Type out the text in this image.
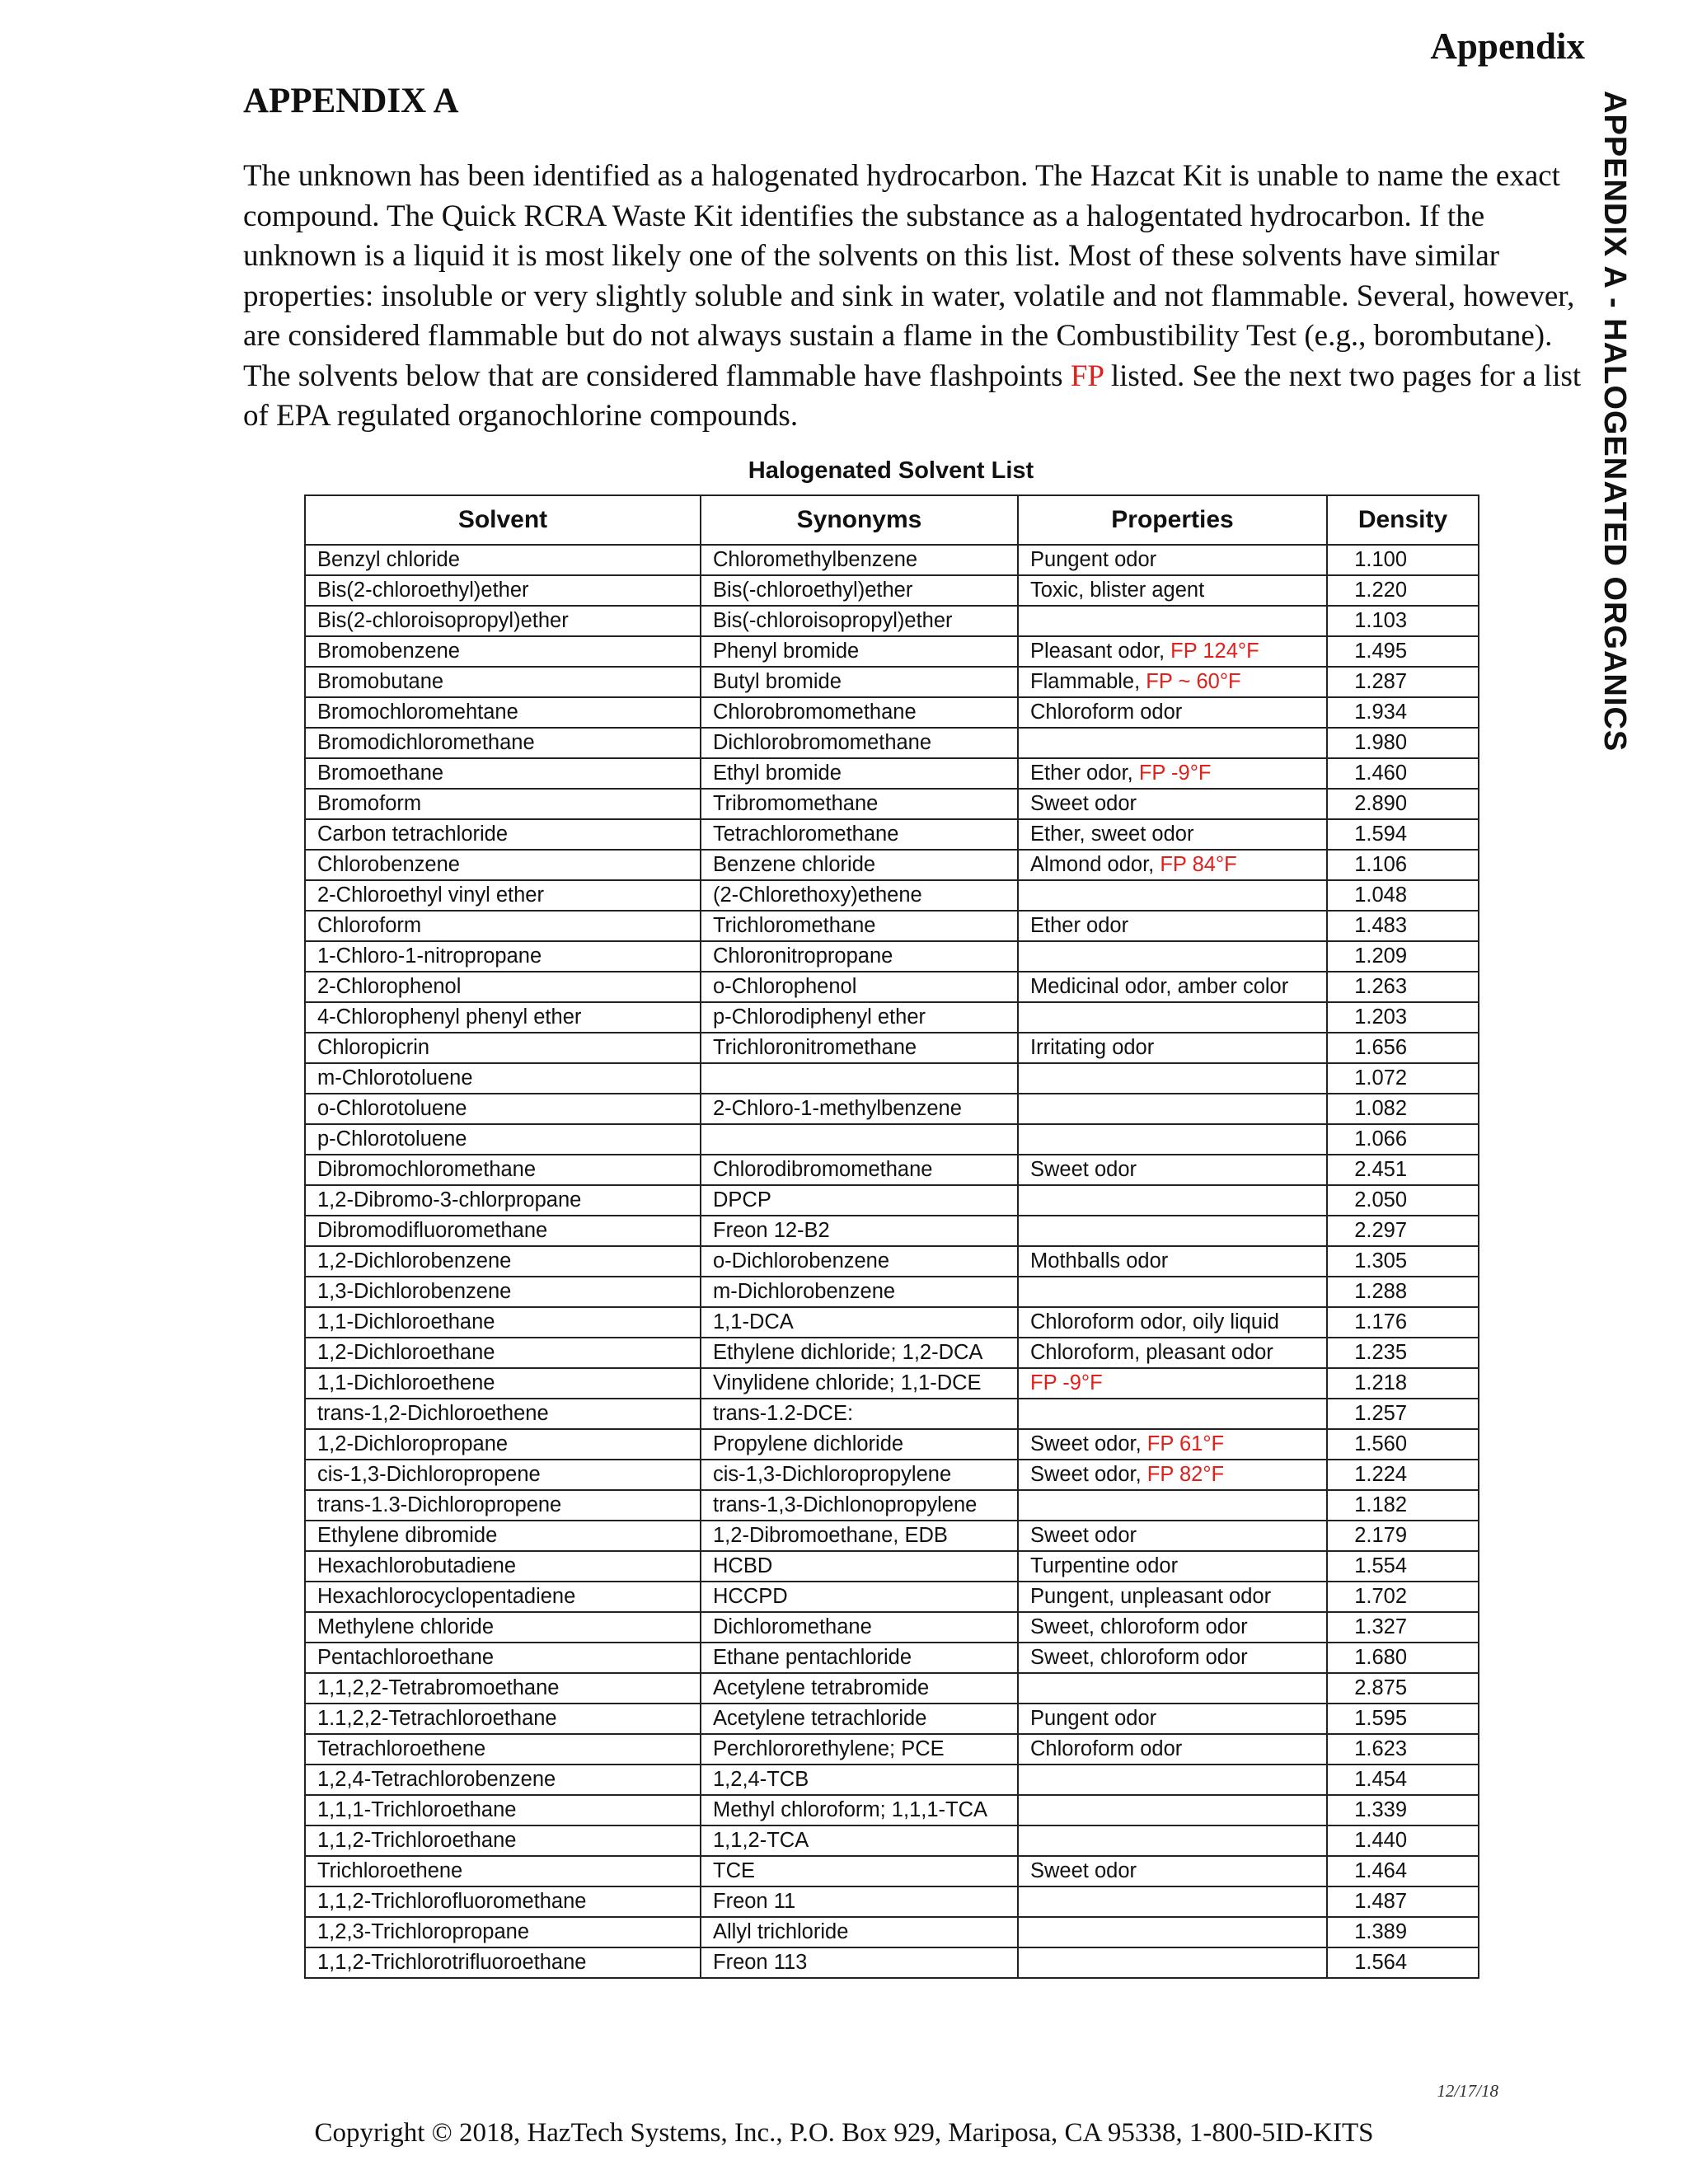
Appendix
APPENDIX A - HALOGENATED ORGANICS
APPENDIX A

The unknown has been identified as a halogenated hydrocarbon. The Hazcat Kit is unable to name the exact compound. The Quick RCRA Waste Kit identifies the substance as a halogentated hydrocarbon. If the unknown is a liquid it is most likely one of the solvents on this list. Most of these solvents have similar properties: insoluble or very slightly soluble and sink in water, volatile and not flammable. Several, however, are considered flammable but do not always sustain a flame in the Combustibility Test (e.g., borombutane). The solvents below that are considered flammable have flashpoints FP listed. See the next two pages for a list of EPA regulated organochlorine compounds.

Halogenated Solvent List
Solvent	Synonyms	Properties	Density
Benzyl chloride	Chloromethylbenzene	Pungent odor	1.100
Bis(2-chloroethyl)ether	Bis(-chloroethyl)ether	Toxic, blister agent	1.220
Bis(2-chloroisopropyl)ether	Bis(-chloroisopropyl)ether		1.103
Bromobenzene	Phenyl bromide	Pleasant odor, FP 124°F	1.495
Bromobutane	Butyl bromide	Flammable, FP ~ 60°F	1.287
Bromochloromehtane	Chlorobromomethane	Chloroform odor	1.934
Bromodichloromethane	Dichlorobromomethane		1.980
Bromoethane	Ethyl bromide	Ether odor, FP -9°F	1.460
Bromoform	Tribromomethane	Sweet odor	2.890
Carbon tetrachloride	Tetrachloromethane	Ether, sweet odor	1.594
Chlorobenzene	Benzene chloride	Almond odor, FP 84°F	1.106
2-Chloroethyl vinyl ether	(2-Chlorethoxy)ethene		1.048
Chloroform	Trichloromethane	Ether odor	1.483
1-Chloro-1-nitropropane	Chloronitropropane		1.209
2-Chlorophenol	o-Chlorophenol	Medicinal odor, amber color	1.263
4-Chlorophenyl phenyl ether	p-Chlorodiphenyl ether		1.203
Chloropicrin	Trichloronitromethane	Irritating odor	1.656
m-Chlorotoluene			1.072
o-Chlorotoluene	2-Chloro-1-methylbenzene		1.082
p-Chlorotoluene			1.066
Dibromochloromethane	Chlorodibromomethane	Sweet odor	2.451
1,2-Dibromo-3-chlorpropane	DPCP		2.050
Dibromodifluoromethane	Freon 12-B2		2.297
1,2-Dichlorobenzene	o-Dichlorobenzene	Mothballs odor	1.305
1,3-Dichlorobenzene	m-Dichlorobenzene		1.288
1,1-Dichloroethane	1,1-DCA	Chloroform odor, oily liquid	1.176
1,2-Dichloroethane	Ethylene dichloride; 1,2-DCA	Chloroform, pleasant odor	1.235
1,1-Dichloroethene	Vinylidene chloride; 1,1-DCE	FP -9°F	1.218
trans-1,2-Dichloroethene	trans-1.2-DCE:		1.257
1,2-Dichloropropane	Propylene dichloride	Sweet odor, FP 61°F	1.560
cis-1,3-Dichloropropene	cis-1,3-Dichloropropylene	Sweet odor, FP 82°F	1.224
trans-1.3-Dichloropropene	trans-1,3-Dichlonopropylene		1.182
Ethylene dibromide	1,2-Dibromoethane, EDB	Sweet odor	2.179
Hexachlorobutadiene	HCBD	Turpentine odor	1.554
Hexachlorocyclopentadiene	HCCPD	Pungent, unpleasant odor	1.702
Methylene chloride	Dichloromethane	Sweet, chloroform odor	1.327
Pentachloroethane	Ethane pentachloride	Sweet, chloroform odor	1.680
1,1,2,2-Tetrabromoethane	Acetylene tetrabromide		2.875
1.1,2,2-Tetrachloroethane	Acetylene tetrachloride	Pungent odor	1.595
Tetrachloroethene	Perchlororethylene; PCE	Chloroform odor	1.623
1,2,4-Tetrachlorobenzene	1,2,4-TCB		1.454
1,1,1-Trichloroethane	Methyl chloroform; 1,1,1-TCA		1.339
1,1,2-Trichloroethane	1,1,2-TCA		1.440
Trichloroethene	TCE	Sweet odor	1.464
1,1,2-Trichlorofluoromethane	Freon 11		1.487
1,2,3-Trichloropropane	Allyl trichloride		1.389
1,1,2-Trichlorotrifluoroethane	Freon 113		1.564
12/17/18
Copyright © 2018, HazTech Systems, Inc., P.O. Box 929, Mariposa, CA 95338, 1-800-5ID-KITS
